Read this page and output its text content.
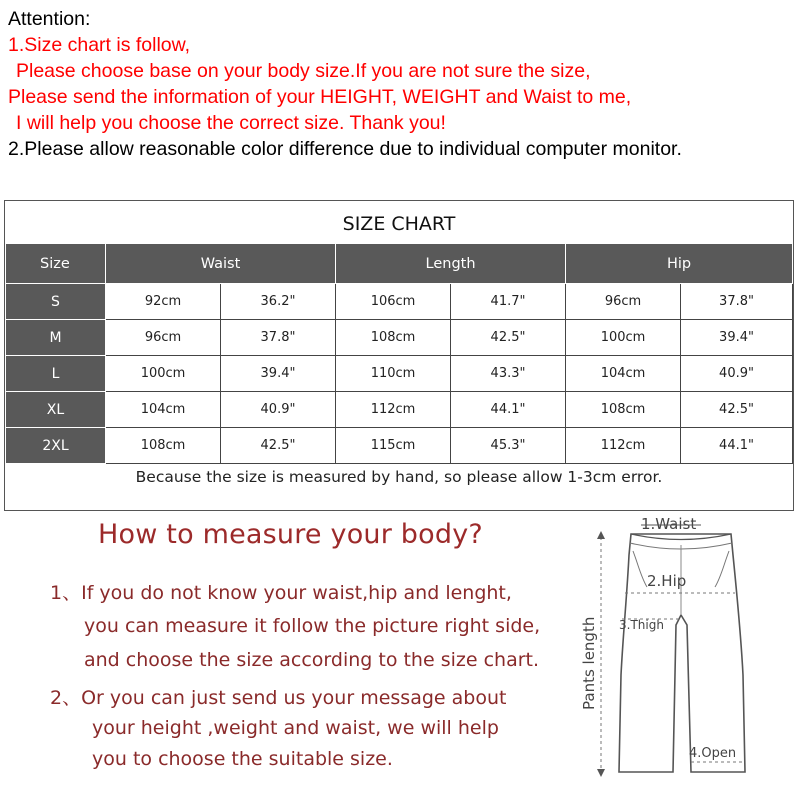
Attention:
1.Size chart is follow,
Please choose base on your body size.If you are not sure the size,
Please send the information of your HEIGHT, WEIGHT and Waist to me,
I will help you choose the correct size. Thank you!
2.Please allow reasonable color difference due to individual computer monitor.
SIZE CHART
Size	Waist		Length		Hip	
S	92cm	36.2"	106cm	41.7"	96cm	37.8"
M	96cm	37.8"	108cm	42.5"	100cm	39.4"
L	100cm	39.4"	110cm	43.3"	104cm	40.9"
XL	104cm	40.9"	112cm	44.1"	108cm	42.5"
2XL	108cm	42.5"	115cm	45.3"	112cm	44.1"
Because the size is measured by hand, so please allow 1-3cm error.
How to measure your body?
1、If you do not know your waist,hip and lenght,
you can measure it follow the picture right side,
and choose the size according to the size chart.
2、Or you can just send us your message about
your height ,weight and waist, we will help
you to choose the suitable size.
Pants length
1.Waist
2.Hip
3.Thigh
4.Open
